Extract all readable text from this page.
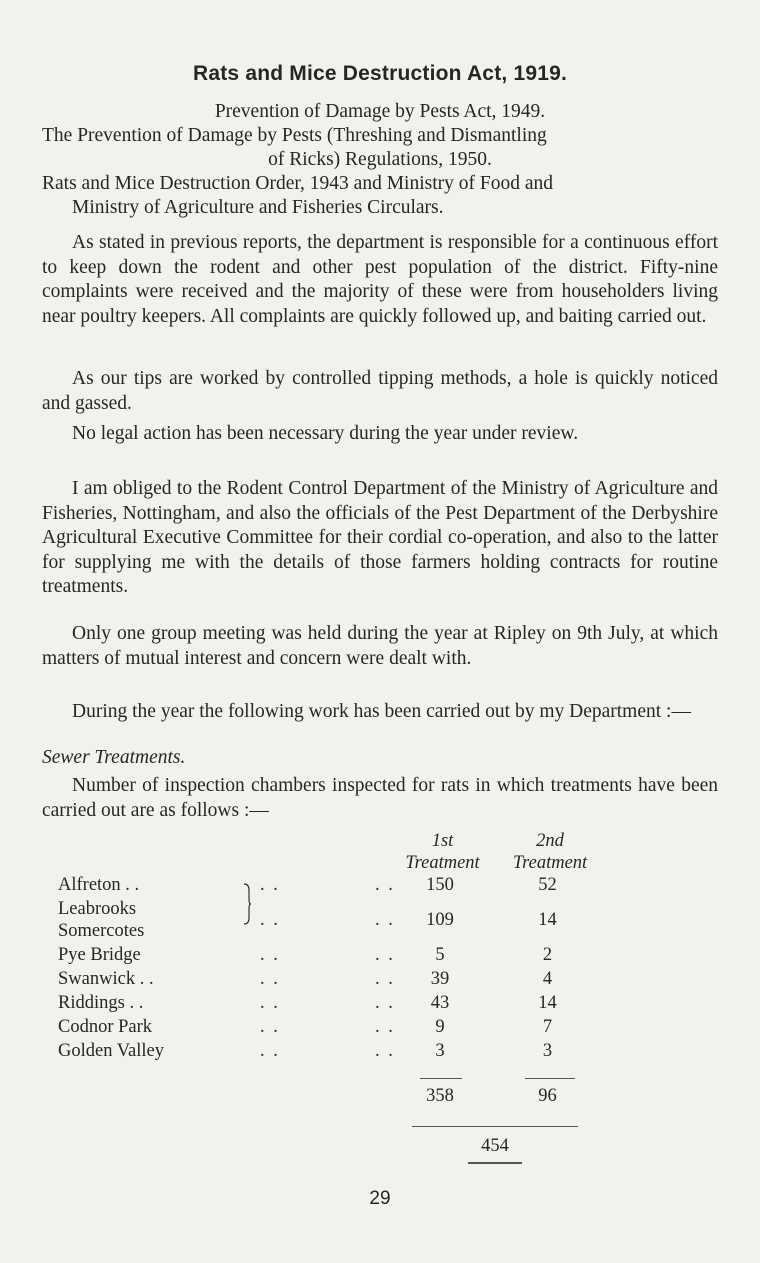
Rats and Mice Destruction Act, 1919.
Prevention of Damage by Pests Act, 1949.
The Prevention of Damage by Pests (Threshing and Dismantling
of Ricks) Regulations, 1950.
Rats and Mice Destruction Order, 1943 and Ministry of Food and
Ministry of Agriculture and Fisheries Circulars.

As stated in previous reports, the department is responsible for a continuous effort to keep down the rodent and other pest population of the district. Fifty-nine complaints were received and the majority of these were from householders living near poultry keepers. All complaints are quickly followed up, and baiting carried out.

As our tips are worked by controlled tipping methods, a hole is quickly noticed and gassed.

No legal action has been necessary during the year under review.

I am obliged to the Rodent Control Department of the Ministry of Agriculture and Fisheries, Nottingham, and also the officials of the Pest Department of the Derbyshire Agricultural Executive Committee for their cordial co-operation, and also to the latter for supplying me with the details of those farmers holding contracts for routine treatments.

Only one group meeting was held during the year at Ripley on 9th July, at which matters of mutual interest and concern were dealt with.

During the year the following work has been carried out by my Department :—

Sewer Treatments.

Number of inspection chambers inspected for rats in which treatments have been carried out are as follows :—

1st
Treatment
2nd
Treatment
Alfreton . .	. .	. .	150	52
Leabrooks
Somercotes
. .	. .	109	14
Pye Bridge	. .	. .	5	2
Swanwick . .	. .	. .	39	4
Riddings . .	. .	. .	43	14
Codnor Park	. .	. .	9	7
Golden Valley	. .	. .	3	3
358	96
454
29
